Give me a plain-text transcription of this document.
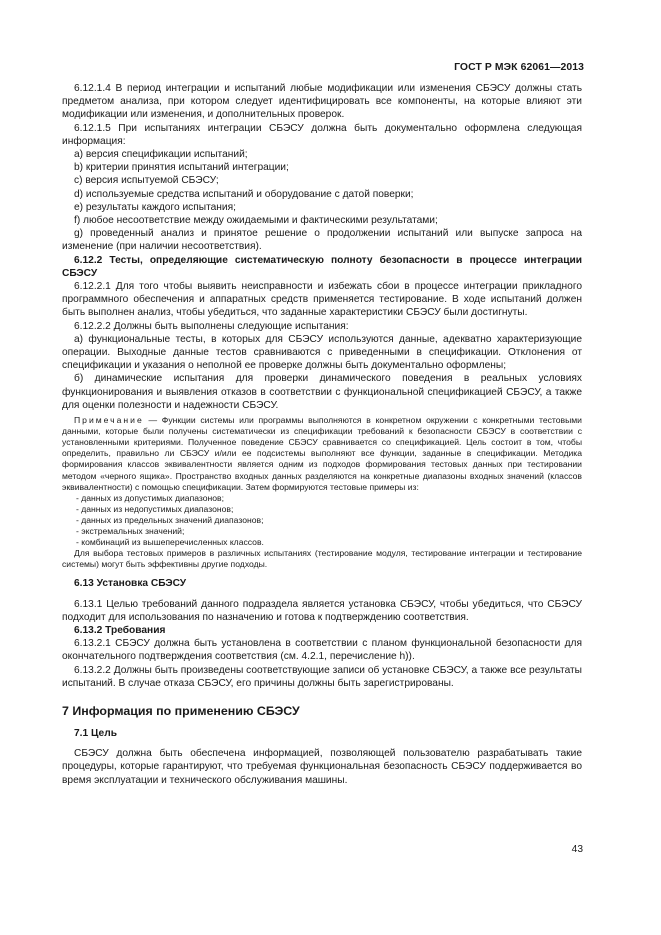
ГОСТ Р МЭК 62061—2013

6.12.1.4 В период интеграции и испытаний любые модификации или изменения СБЭСУ должны стать предметом анализа, при котором следует идентифицировать все компоненты, на которые влияют эти модификации или изменения, и дополнительных проверок.

6.12.1.5 При испытаниях интеграции СБЭСУ должна быть документально оформлена следующая информация:

а) версия спецификации испытаний;

b) критерии принятия испытаний интеграции;

с) версия испытуемой СБЭСУ;

d) используемые средства испытаний и оборудование с датой поверки;

е) результаты каждого испытания;

f) любое несоответствие между ожидаемыми и фактическими результатами;

g) проведенный анализ и принятое решение о продолжении испытаний или выпуске запроса на изменение (при наличии несоответствия).

6.12.2 Тесты, определяющие систематическую полноту безопасности в процессе интеграции СБЭСУ

6.12.2.1 Для того чтобы выявить неисправности и избежать сбои в процессе интеграции прикладного программного обеспечения и аппаратных средств применяется тестирование. В ходе испытаний должен быть выполнен анализ, чтобы убедиться, что заданные характеристики СБЭСУ были достигнуты.

6.12.2.2 Должны быть выполнены следующие испытания:

а) функциональные тесты, в которых для СБЭСУ используются данные, адекватно характеризующие операции. Выходные данные тестов сравниваются с приведенными в спецификации. Отклонения от спецификации и указания о неполной ее проверке должны быть документально оформлены;

б) динамические испытания для проверки динамического поведения в реальных условиях функционирования и выявления отказов в соответствии с функциональной спецификацией СБЭСУ, а также для оценки полезности и надежности СБЭСУ.

Примечание — Функции системы или программы выполняются в конкретном окружении с конкретными тестовыми данными, которые были получены систематически из спецификации требований к безопасности СБЭСУ в соответствии с установленными критериями. Полученное поведение СБЭСУ сравнивается со спецификацией. Цель состоит в том, чтобы определить, правильно ли СБЭСУ и/или ее подсистемы выполняют все функции, заданные в спецификации. Методика формирования классов эквивалентности является одним из подходов формирования тестовых данных при тестировании методом «черного ящика». Пространство входных данных разделяются на конкретные диапазоны входных значений (классов эквивалентности) с помощью спецификации. Затем формируются тестовые примеры из:

- данных из допустимых диапазонов;

- данных из недопустимых диапазонов;

- данных из предельных значений диапазонов;

- экстремальных значений;

- комбинаций из вышеперечисленных классов.

Для выбора тестовых примеров в различных испытаниях (тестирование модуля, тестирование интеграции и тестирование системы) могут быть эффективны другие подходы.

6.13 Установка СБЭСУ

6.13.1 Целью требований данного подраздела является установка СБЭСУ, чтобы убедиться, что СБЭСУ подходит для использования по назначению и готова к подтверждению соответствия.

6.13.2 Требования

6.13.2.1 СБЭСУ должна быть установлена в соответствии с планом функциональной безопасности для окончательного подтверждения соответствия (см. 4.2.1, перечисление h)).

6.13.2.2 Должны быть произведены соответствующие записи об установке СБЭСУ, а также все результаты испытаний. В случае отказа СБЭСУ, его причины должны быть зарегистрированы.

7 Информация по применению СБЭСУ

7.1 Цель

СБЭСУ должна быть обеспечена информацией, позволяющей пользователю разрабатывать такие процедуры, которые гарантируют, что требуемая функциональная безопасность СБЭСУ поддерживается во время эксплуатации и технического обслуживания машины.

43
